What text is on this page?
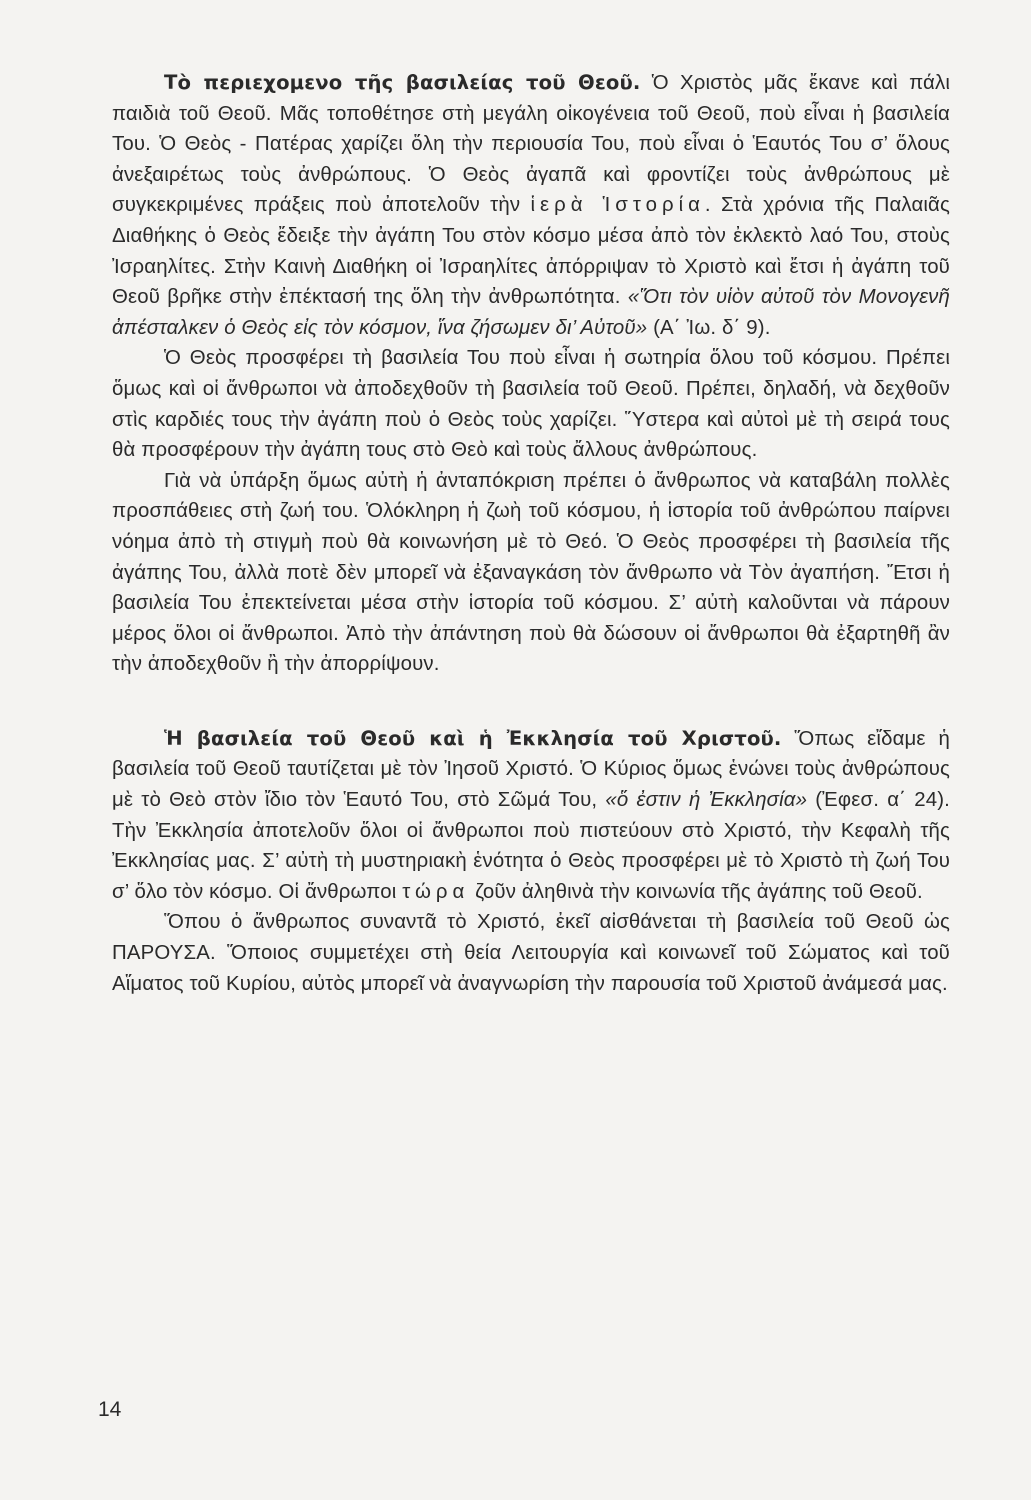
Τὸ περιεχομενο τῆς βασιλείας τοῦ Θεοῦ. Ὁ Χριστὸς μᾶς ἔκανε καὶ πάλι παιδιὰ τοῦ Θεοῦ. Μᾶς τοποθέτησε στὴ μεγάλη οἰκογένεια τοῦ Θεοῦ, ποὺ εἶναι ἡ βασιλεία Του. Ὁ Θεὸς - Πατέρας χαρίζει ὅλη τὴν περιουσία Του, ποὺ εἶναι ὁ Ἑαυτός Του σ’ ὅλους ἀνεξαιρέτως τοὺς ἀνθρώπους. Ὁ Θεὸς ἀγαπᾶ καὶ φροντίζει τοὺς ἀνθρώπους μὲ συγκεκριμένες πράξεις ποὺ ἀποτελοῦν τὴν ἱερὰ Ἱστορία. Στὰ χρόνια τῆς Παλαιᾶς Διαθήκης ὁ Θεὸς ἔδειξε τὴν ἀγάπη Του στὸν κόσμο μέσα ἀπὸ τὸν ἐκλεκτὸ λαό Του, στοὺς Ἰσραηλίτες. Στὴν Καινὴ Διαθήκη οἱ Ἰσραηλίτες ἀπόρριψαν τὸ Χριστὸ καὶ ἔτσι ἡ ἀγάπη τοῦ Θεοῦ βρῆκε στὴν ἐπέκτασή της ὅλη τὴν ἀνθρωπότητα. «Ὅτι τὸν υἱὸν αὐτοῦ τὸν Μονογενῆ ἀπέσταλκεν ὁ Θεὸς εἰς τὸν κόσμον, ἵνα ζήσωμεν δι’ Αὐτοῦ» (Α΄ Ἰω. δ΄ 9).

Ὁ Θεὸς προσφέρει τὴ βασιλεία Του ποὺ εἶναι ἡ σωτηρία ὅλου τοῦ κόσμου. Πρέπει ὅμως καὶ οἱ ἄνθρωποι νὰ ἀποδεχθοῦν τὴ βασιλεία τοῦ Θεοῦ. Πρέπει, δηλαδή, νὰ δεχθοῦν στὶς καρδιές τους τὴν ἀγάπη ποὺ ὁ Θεὸς τοὺς χαρίζει. Ὕστερα καὶ αὐτοὶ μὲ τὴ σειρά τους θὰ προσφέρουν τὴν ἀγάπη τους στὸ Θεὸ καὶ τοὺς ἄλλους ἀνθρώπους.

Γιὰ νὰ ὑπάρξη ὅμως αὐτὴ ἡ ἀνταπόκριση πρέπει ὁ ἄνθρωπος νὰ καταβάλη πολλὲς προσπάθειες στὴ ζωή του. Ὁλόκληρη ἡ ζωὴ τοῦ κόσμου, ἡ ἱστορία τοῦ ἀνθρώπου παίρνει νόημα ἀπὸ τὴ στιγμὴ ποὺ θὰ κοινωνήση μὲ τὸ Θεό. Ὁ Θεὸς προσφέρει τὴ βασιλεία τῆς ἀγάπης Του, ἀλλὰ ποτὲ δὲν μπορεῖ νὰ ἐξαναγκάση τὸν ἄνθρωπο νὰ Τὸν ἀγαπήση. Ἔτσι ἡ βασιλεία Του ἐπεκτείνεται μέσα στὴν ἱστορία τοῦ κόσμου. Σ’ αὐτὴ καλοῦνται νὰ πάρουν μέρος ὅλοι οἱ ἄνθρωποι. Ἀπὸ τὴν ἀπάντηση ποὺ θὰ δώσουν οἱ ἄνθρωποι θὰ ἐξαρτηθῆ ἂν τὴν ἀποδεχθοῦν ἢ τὴν ἀπορρίψουν.

Ἡ βασιλεία τοῦ Θεοῦ καὶ ἡ Ἐκκλησία τοῦ Χριστοῦ. Ὅπως εἴδαμε ἡ βασιλεία τοῦ Θεοῦ ταυτίζεται μὲ τὸν Ἰησοῦ Χριστό. Ὁ Κύριος ὅμως ἑνώνει τοὺς ἀνθρώπους μὲ τὸ Θεὸ στὸν ἴδιο τὸν Ἑαυτό Του, στὸ Σῶμά Του, «ὅ ἐστιν ἡ Ἐκκλησία» (Ἐφεσ. α΄ 24). Τὴν Ἐκκλησία ἀποτελοῦν ὅλοι οἱ ἄνθρωποι ποὺ πιστεύουν στὸ Χριστό, τὴν Κεφαλὴ τῆς Ἐκκλησίας μας. Σ’ αὐτὴ τὴ μυστηριακὴ ἑνότητα ὁ Θεὸς προσφέρει μὲ τὸ Χριστὸ τὴ ζωή Του σ’ ὅλο τὸν κόσμο. Οἱ ἄνθρωποι τώρα ζοῦν ἀληθινὰ τὴν κοινωνία τῆς ἀγάπης τοῦ Θεοῦ.

Ὅπου ὁ ἄνθρωπος συναντᾶ τὸ Χριστό, ἐκεῖ αἰσθάνεται τὴ βασιλεία τοῦ Θεοῦ ὡς ΠΑΡΟΥΣΑ. Ὅποιος συμμετέχει στὴ θεία Λειτουργία καὶ κοινωνεῖ τοῦ Σώματος καὶ τοῦ Αἵματος τοῦ Κυρίου, αὐτὸς μπορεῖ νὰ ἀναγνωρίση τὴν παρουσία τοῦ Χριστοῦ ἀνάμεσά μας.

14
